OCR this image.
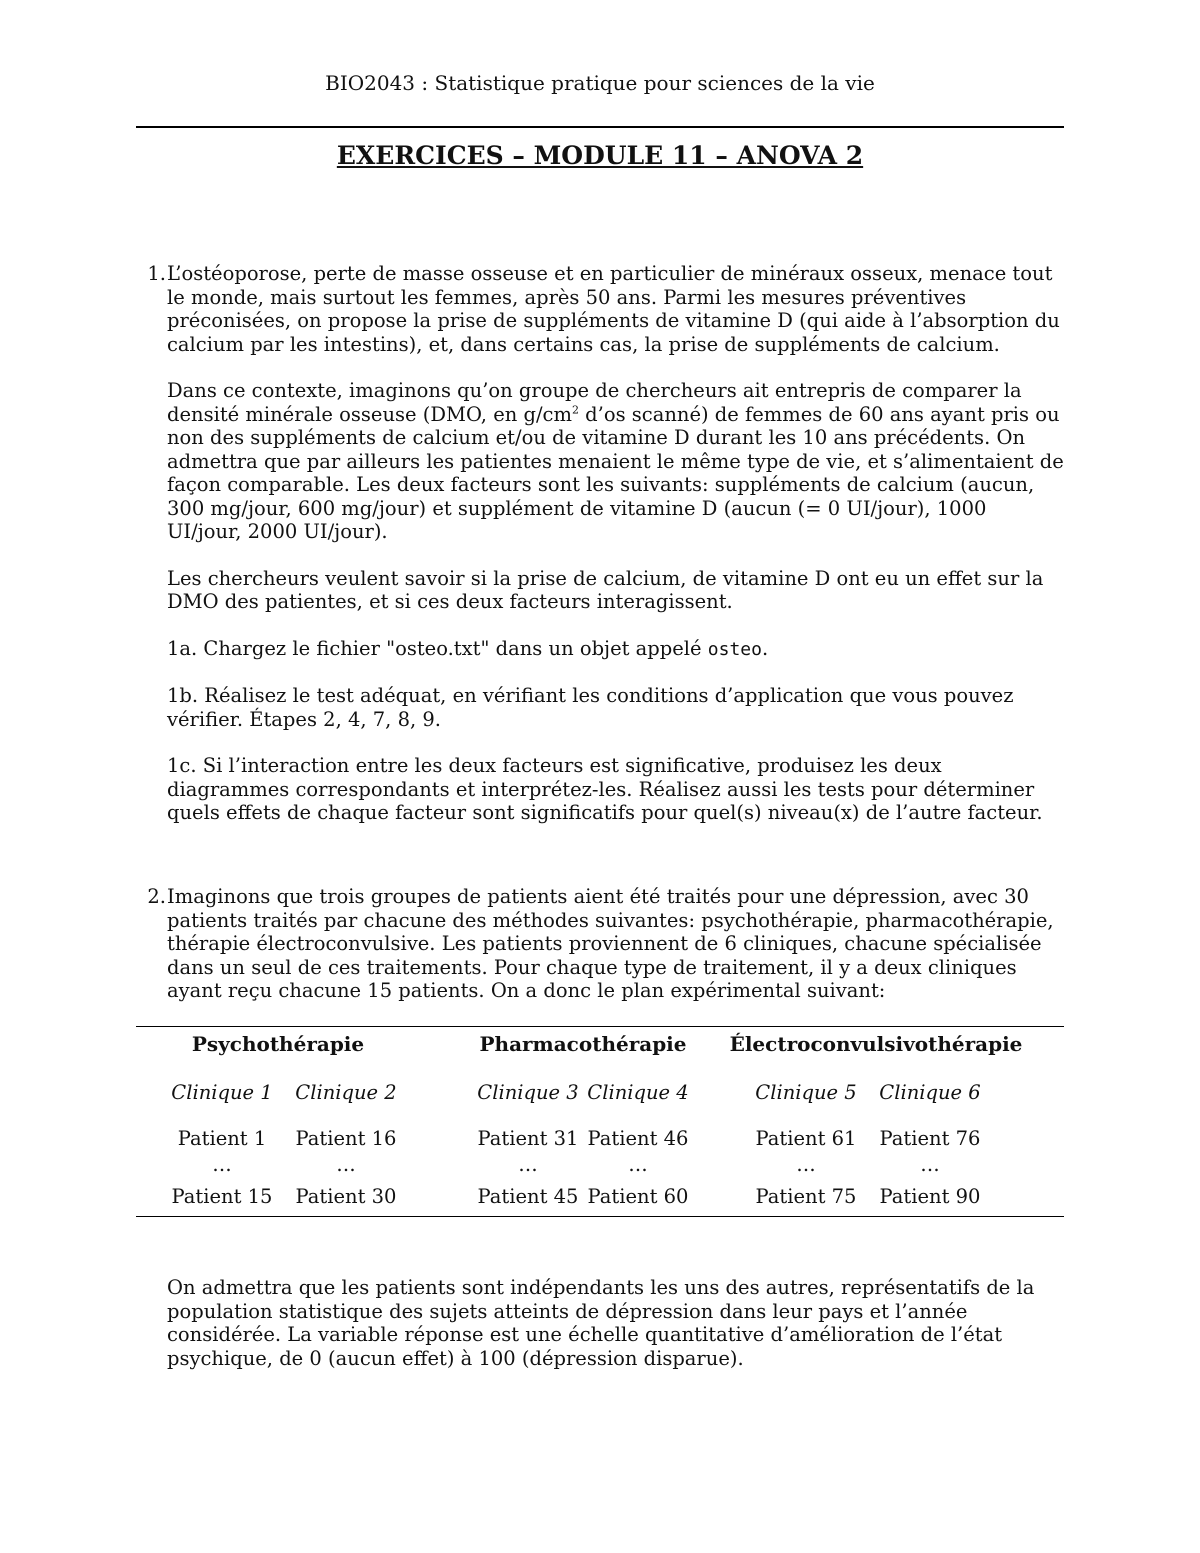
BIO2043 : Statistique pratique pour sciences de la vie
EXERCICES – MODULE 11 – ANOVA 2
1. L’ostéoporose, perte de masse osseuse et en particulier de minéraux osseux, menace tout le monde, mais surtout les femmes, après 50 ans. Parmi les mesures préventives préconisées, on propose la prise de suppléments de vitamine D (qui aide à l’absorption du calcium par les intestins), et, dans certains cas, la prise de suppléments de calcium.

Dans ce contexte, imaginons qu’on groupe de chercheurs ait entrepris de comparer la densité minérale osseuse (DMO, en $g/cm^2$ d’os scanné) de femmes de 60 ans ayant pris ou non des suppléments de calcium et/ou de vitamine D durant les 10 ans précédents. On admettra que par ailleurs les patientes menaient le même type de vie, et s’alimentaient de façon comparable. Les deux facteurs sont les suivants: suppléments de calcium (aucun, 300 mg/jour, 600 mg/jour) et supplément de vitamine D (aucun (= 0 UI/jour), 1000 UI/jour, 2000 UI/jour).

Les chercheurs veulent savoir si la prise de calcium, de vitamine D ont eu un effet sur la DMO des patientes, et si ces deux facteurs interagissent.

1a. Chargez le fichier "osteo.txt" dans un objet appelé osteo.

1b. Réalisez le test adéquat, en vérifiant les conditions d’application que vous pouvez vérifier. Étapes 2, 4, 7, 8, 9.

1c. Si l’interaction entre les deux facteurs est significative, produisez les deux diagrammes correspondants et interprétez-les. Réalisez aussi les tests pour déterminer quels effets de chaque facteur sont significatifs pour quel(s) niveau(x) de l’autre facteur.

2. Imaginons que trois groupes de patients aient été traités pour une dépression, avec 30 patients traités par chacune des méthodes suivantes: psychothérapie, pharmacothérapie, thérapie électroconvulsive. Les patients proviennent de 6 cliniques, chacune spécialisée dans un seul de ces traitements. Pour chaque type de traitement, il y a deux cliniques ayant reçu chacune 15 patients. On a donc le plan expérimental suivant:

Psychothérapie	Pharmacothérapie	Électroconvulsivothérapie
Clinique 1	Clinique 2	Clinique 3 Clinique 4	Clinique 5	Clinique 6
Patient 1	Patient 16	Patient 31 Patient 46	Patient 61	Patient 76
…	…	…	…	…	…
Patient 15	Patient 30	Patient 45 Patient 60	Patient 75	Patient 90

On admettra que les patients sont indépendants les uns des autres, représentatifs de la population statistique des sujets atteints de dépression dans leur pays et l’année considérée. La variable réponse est une échelle quantitative d’amélioration de l’état psychique, de 0 (aucun effet) à 100 (dépression disparue).
